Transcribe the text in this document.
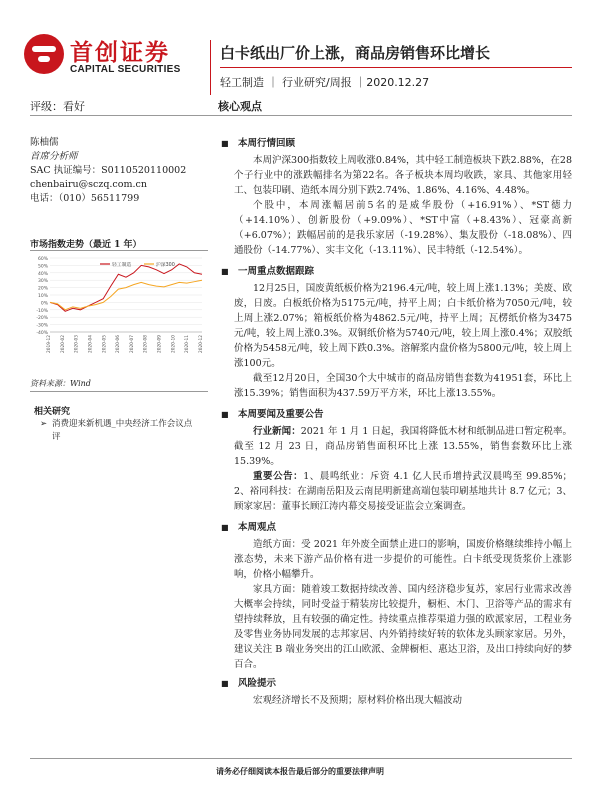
首创证券
CAPITAL SECURITIES
白卡纸出厂价上涨，商品房销售环比增长
轻工制造 ｜ 行业研究/周报 ｜2020.12.27
评级：看好	核心观点
陈柚儒
首席分析师
SAC 执证编号：S0110520110002
chenbairu@sczq.com.cn
电话：（010）56511799
市场指数走势（最近 1 年）
60%
50%
40%
30%
20%
10%
0%
-10%
-20%
-30%
-40%
2019-12 2020-02 2020-03 2020-04 2020-05 2020-06 2020-07 2020-08 2020-09 2020-10 2020-11 2020-12
轻工制造	沪深300
资料来源：Wind
相关研究
➢ 消费迎来新机遇_中央经济工作会议点评
■ 本周行情回顾
本周沪深300指数较上周收涨0.84%，其中轻工制造板块下跌2.88%，在28个子行业中的涨跌幅排名为第22名。各子板块本周均收跌，家具、其他家用轻工、包装印刷、造纸本周分别下跌2.74%、1.86%、4.16%、4.48%。
个股中，本周涨幅居前5名的是威华股份（+16.91%）、*ST德力（+14.10%）、创新股份（+9.09%）、*ST中富（+8.43%）、冠豪高新（+6.07%）；跌幅居前的是我乐家居（-19.28%）、集友股份（-18.08%）、四通股份（-14.77%）、实丰文化（-13.11%）、民丰特纸（-12.54%）。
■ 一周重点数据跟踪
12月25日，国废黄纸板价格为2196.4元/吨，较上周上涨1.13%；美废、欧废，日废。白板纸价格为5175元/吨，持平上周；白卡纸价格为7050元/吨，较上周上涨2.07%；箱板纸价格为4862.5元/吨，持平上周；瓦楞纸价格为3475元/吨，较上周上涨0.3%。双铜纸价格为5740元/吨，较上周上涨0.4%；双胶纸价格为5458元/吨，较上周下跌0.3%。溶解浆内盘价格为5800元/吨，较上周上涨100元。
截至12月20日，全国30个大中城市的商品房销售套数为41951套，环比上涨15.39%；销售面积为437.59万平方米，环比上涨13.55%。
■ 本周要闻及重要公告
行业新闻：2021 年 1 月 1 日起，我国将降低木材和纸制品进口暂定税率。截至 12 月 23 日，商品房销售面积环比上涨 13.55%，销售套数环比上涨 15.39%。
重要公告：1、晨鸣纸业：斥资 4.1 亿人民币增持武汉晨鸣至 99.85%；2、裕同科技：在湖南岳阳及云南昆明新建高端包装印刷基地共计 8.7 亿元；3、顾家家居：董事长顾江涛内幕交易接受证监会立案调查。
■ 本周观点
造纸方面：受 2021 年外废全面禁止进口的影响，国废价格继续维持小幅上涨态势，未来下游产品价格有进一步提价的可能性。白卡纸受现货浆价上涨影响，价格小幅攀升。
家具方面：随着竣工数据持续改善、国内经济稳步复苏，家居行业需求改善大概率会持续，同时受益于精装房比较提升，橱柜、木门、卫浴等产品的需求有望持续释放，且有较强的确定性。持续重点推荐渠道力强的欧派家居，工程业务及零售业务协同发展的志邦家居、内外销持续好转的软体龙头顾家家居。另外，建议关注 B 端业务突出的江山欧派、金牌橱柜、惠达卫浴，及出口持续向好的梦百合。
■ 风险提示
宏观经济增长不及预期；原材料价格出现大幅波动
请务必仔细阅读本报告最后部分的重要法律声明
